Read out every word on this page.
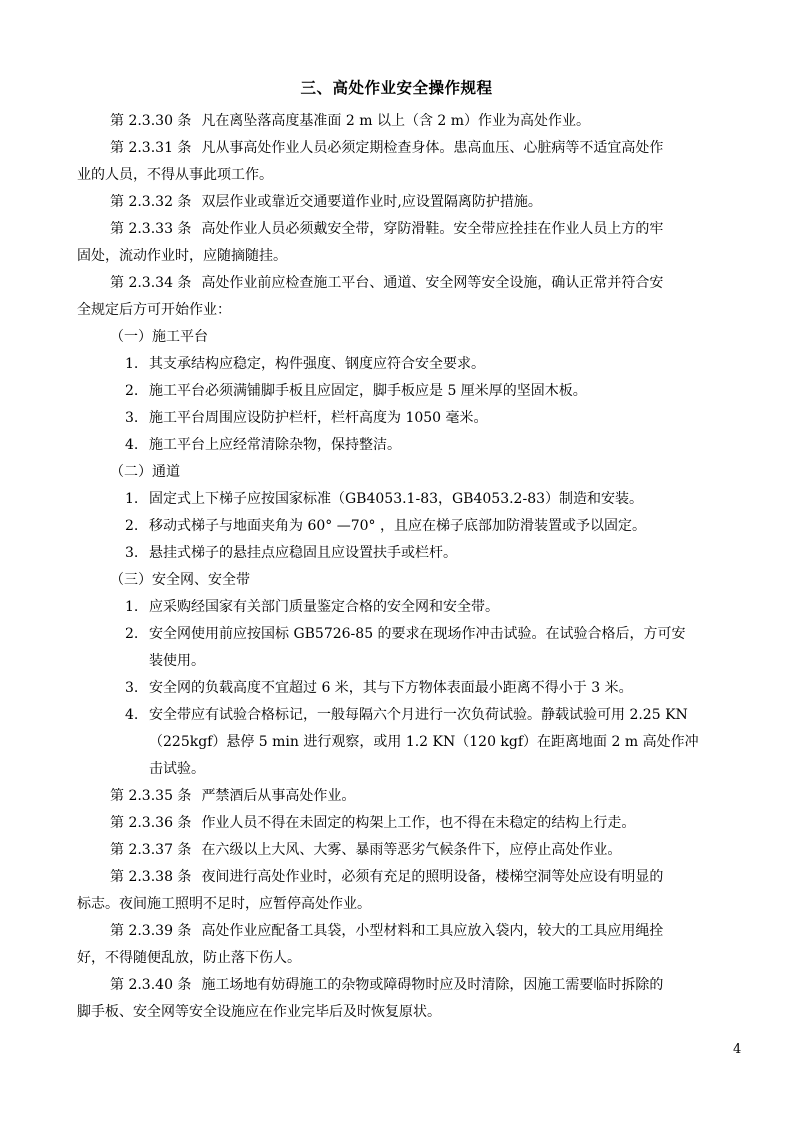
三、高处作业安全操作规程
第 2.3.30 条 凡在离坠落高度基准面 2 m 以上（含 2 m）作业为高处作业。
第 2.3.31 条 凡从事高处作业人员必须定期检查身体。患高血压、心脏病等不适宜高处作
业的人员，不得从事此项工作。
第 2.3.32 条 双层作业或靠近交通要道作业时,应设置隔离防护措施。
第 2.3.33 条 高处作业人员必须戴安全带，穿防滑鞋。安全带应拴挂在作业人员上方的牢
固处，流动作业时，应随摘随挂。
第 2.3.34 条 高处作业前应检查施工平台、通道、安全网等安全设施，确认正常并符合安
全规定后方可开始作业：
（一）施工平台
1. 其支承结构应稳定，构件强度、钢度应符合安全要求。
2. 施工平台必须满铺脚手板且应固定，脚手板应是 5 厘米厚的坚固木板。
3. 施工平台周围应设防护栏杆，栏杆高度为 1050 毫米。
4. 施工平台上应经常清除杂物，保持整洁。
（二）通道
1. 固定式上下梯子应按国家标准（GB4053.1-83，GB4053.2-83）制造和安装。
2. 移动式梯子与地面夹角为 60° —70° ，且应在梯子底部加防滑装置或予以固定。
3. 悬挂式梯子的悬挂点应稳固且应设置扶手或栏杆。
（三）安全网、安全带
1. 应采购经国家有关部门质量鉴定合格的安全网和安全带。
2. 安全网使用前应按国标 GB5726-85 的要求在现场作冲击试验。在试验合格后，方可安
装使用。
3. 安全网的负载高度不宜超过 6 米，其与下方物体表面最小距离不得小于 3 米。
4. 安全带应有试验合格标记，一般每隔六个月进行一次负荷试验。静载试验可用 2.25 KN
（225kgf）悬停 5 min 进行观察，或用 1.2 KN（120 kgf）在距离地面 2 m 高处作冲
击试验。
第 2.3.35 条 严禁酒后从事高处作业。
第 2.3.36 条 作业人员不得在未固定的构架上工作，也不得在未稳定的结构上行走。
第 2.3.37 条 在六级以上大风、大雾、暴雨等恶劣气候条件下，应停止高处作业。
第 2.3.38 条 夜间进行高处作业时，必须有充足的照明设备，楼梯空洞等处应设有明显的
标志。夜间施工照明不足时，应暂停高处作业。
第 2.3.39 条 高处作业应配备工具袋，小型材料和工具应放入袋内，较大的工具应用绳拴
好，不得随便乱放，防止落下伤人。
第 2.3.40 条 施工场地有妨碍施工的杂物或障碍物时应及时清除，因施工需要临时拆除的
脚手板、安全网等安全设施应在作业完毕后及时恢复原状。
4
